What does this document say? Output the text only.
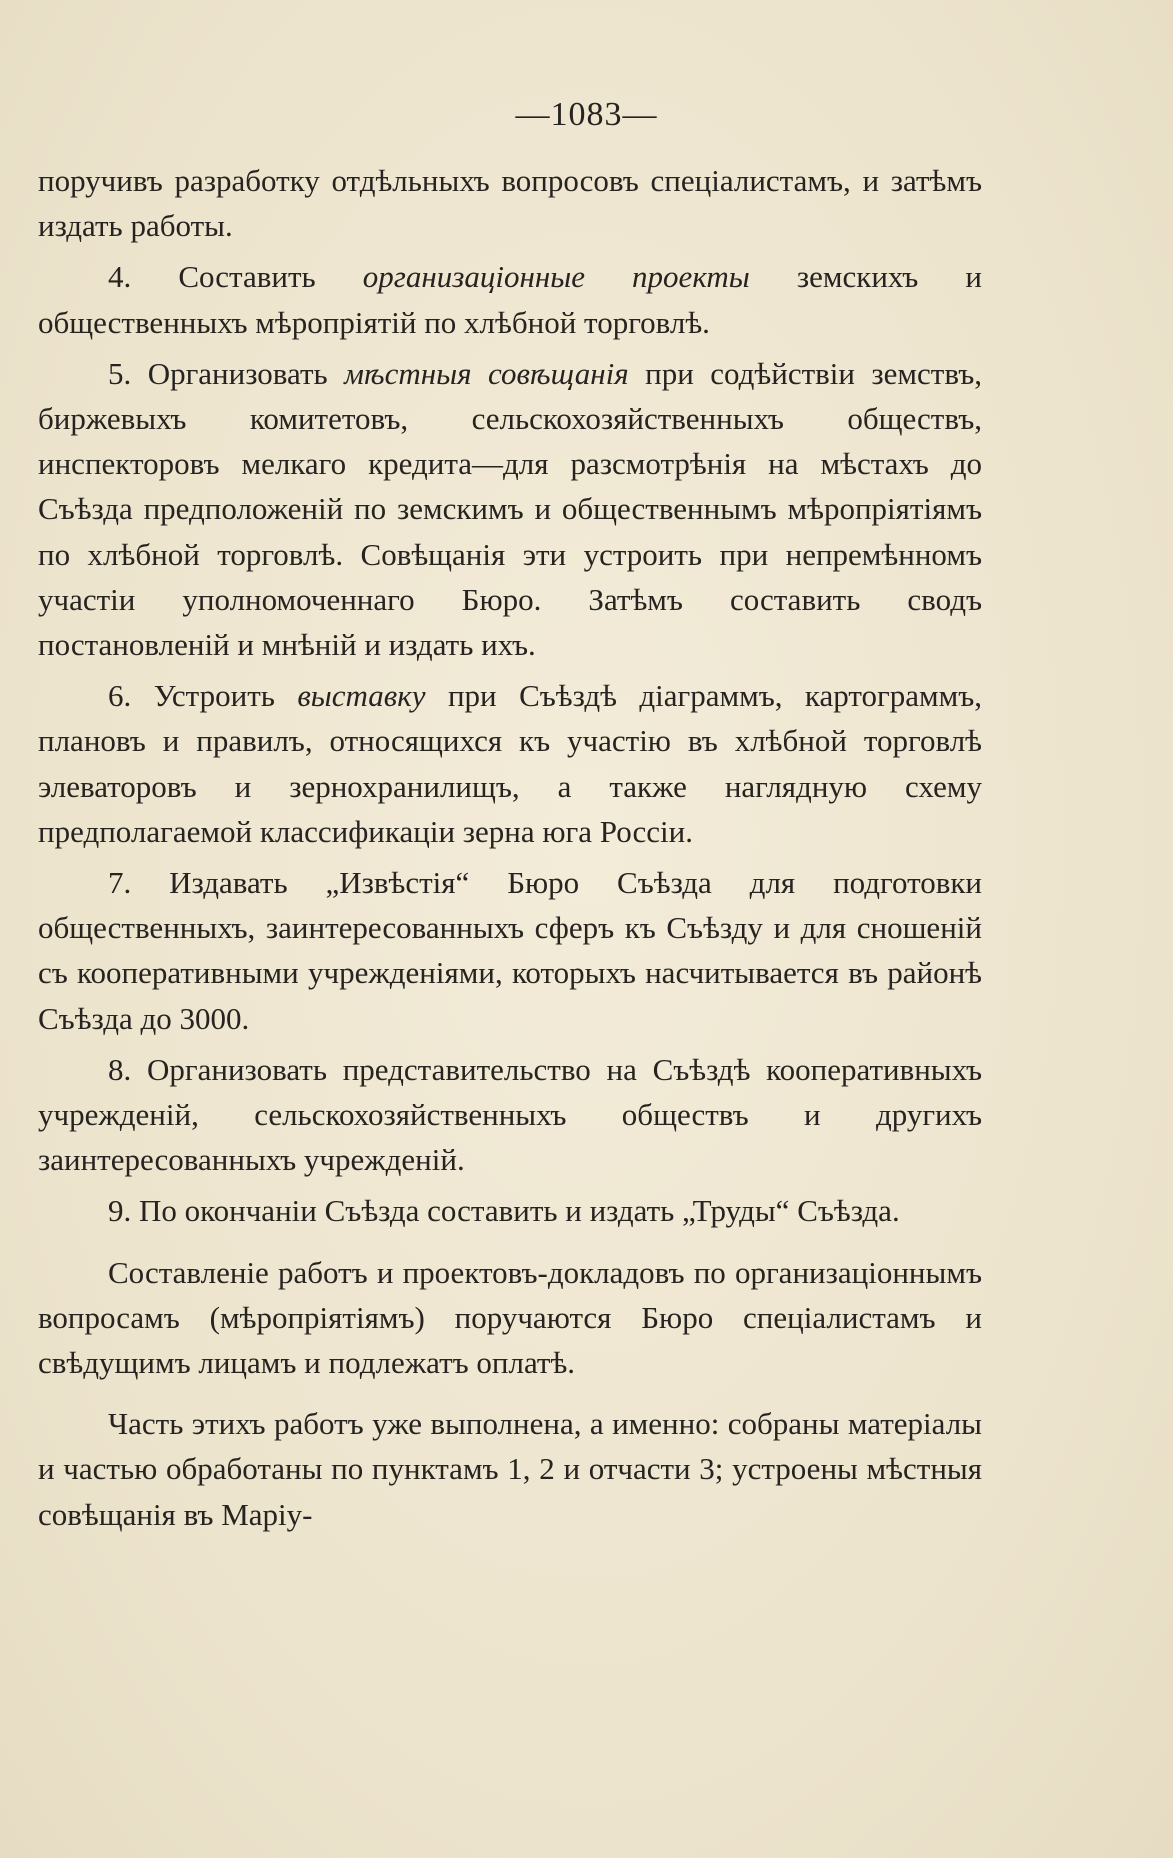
—1083—

поручивъ разработку отдѣльныхъ вопросовъ спеціалистамъ, и затѣмъ издать работы.

4. Составить организаціонные проекты земскихъ и общественныхъ мѣропріятій по хлѣбной торговлѣ.

5. Организовать мѣстныя совѣщанія при содѣйствіи земствъ, биржевыхъ комитетовъ, сельскохозяйственныхъ обществъ, инспекторовъ мелкаго кредита—для разсмотрѣнія на мѣстахъ до Съѣзда предположеній по земскимъ и общественнымъ мѣропріятіямъ по хлѣбной торговлѣ. Совѣщанія эти устроить при непремѣнномъ участіи уполномоченнаго Бюро. Затѣмъ составить сводъ постановленій и мнѣній и издать ихъ.

6. Устроить выставку при Съѣздѣ діаграммъ, картограммъ, плановъ и правилъ, относящихся къ участію въ хлѣбной торговлѣ элеваторовъ и зернохранилищъ, а также наглядную схему предполагаемой классификаціи зерна юга Россіи.

7. Издавать „Извѣстія“ Бюро Съѣзда для подготовки общественныхъ, заинтересованныхъ сферъ къ Съѣзду и для сношеній съ кооперативными учрежденіями, которыхъ насчитывается въ районѣ Съѣзда до 3000.

8. Организовать представительство на Съѣздѣ кооперативныхъ учрежденій, сельскохозяйственныхъ обществъ и другихъ заинтересованныхъ учрежденій.

9. По окончаніи Съѣзда составить и издать „Труды“ Съѣзда.

Составленіе работъ и проектовъ-докладовъ по организаціоннымъ вопросамъ (мѣропріятіямъ) поручаются Бюро спеціалистамъ и свѣдущимъ лицамъ и подлежатъ оплатѣ.

Часть этихъ работъ уже выполнена, а именно: собраны матеріалы и частью обработаны по пунктамъ 1, 2 и отчасти 3; устроены мѣстныя совѣщанія въ Маріу-
